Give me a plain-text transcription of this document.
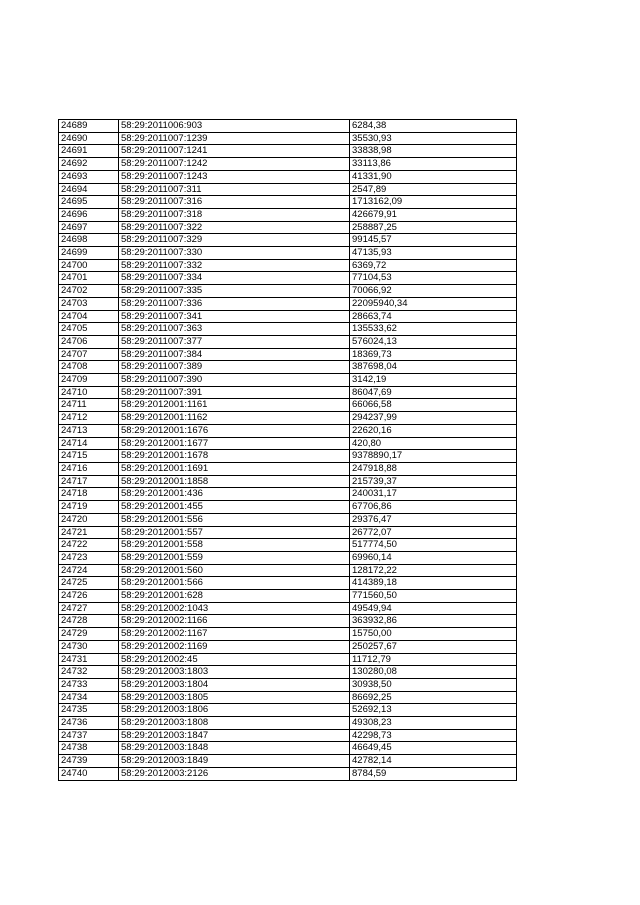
24689	58:29:2011006:903	6284,38
24690	58:29:2011007:1239	35530,93
24691	58:29:2011007:1241	33838,98
24692	58:29:2011007:1242	33113,86
24693	58:29:2011007:1243	41331,90
24694	58:29:2011007:311	2547,89
24695	58:29:2011007:316	1713162,09
24696	58:29:2011007:318	426679,91
24697	58:29:2011007:322	258887,25
24698	58:29:2011007:329	99145,57
24699	58:29:2011007:330	47135,93
24700	58:29:2011007:332	6369,72
24701	58:29:2011007:334	77104,53
24702	58:29:2011007:335	70066,92
24703	58:29:2011007:336	22095940,34
24704	58:29:2011007:341	28663,74
24705	58:29:2011007:363	135533,62
24706	58:29:2011007:377	576024,13
24707	58:29:2011007:384	18369,73
24708	58:29:2011007:389	387698,04
24709	58:29:2011007:390	3142,19
24710	58:29:2011007:391	86047,69
24711	58:29:2012001:1161	66066,58
24712	58:29:2012001:1162	294237,99
24713	58:29:2012001:1676	22620,16
24714	58:29:2012001:1677	420,80
24715	58:29:2012001:1678	9378890,17
24716	58:29:2012001:1691	247918,88
24717	58:29:2012001:1858	215739,37
24718	58:29:2012001:436	240031,17
24719	58:29:2012001:455	67706,86
24720	58:29:2012001:556	29376,47
24721	58:29:2012001:557	26772,07
24722	58:29:2012001:558	517774,50
24723	58:29:2012001:559	69960,14
24724	58:29:2012001:560	128172,22
24725	58:29:2012001:566	414389,18
24726	58:29:2012001:628	771560,50
24727	58:29:2012002:1043	49549,94
24728	58:29:2012002:1166	363932,86
24729	58:29:2012002:1167	15750,00
24730	58:29:2012002:1169	250257,67
24731	58:29:2012002:45	11712,79
24732	58:29:2012003:1803	130280,08
24733	58:29:2012003:1804	30938,50
24734	58:29:2012003:1805	86692,25
24735	58:29:2012003:1806	52692,13
24736	58:29:2012003:1808	49308,23
24737	58:29:2012003:1847	42298,73
24738	58:29:2012003:1848	46649,45
24739	58:29:2012003:1849	42782,14
24740	58:29:2012003:2126	8784,59
